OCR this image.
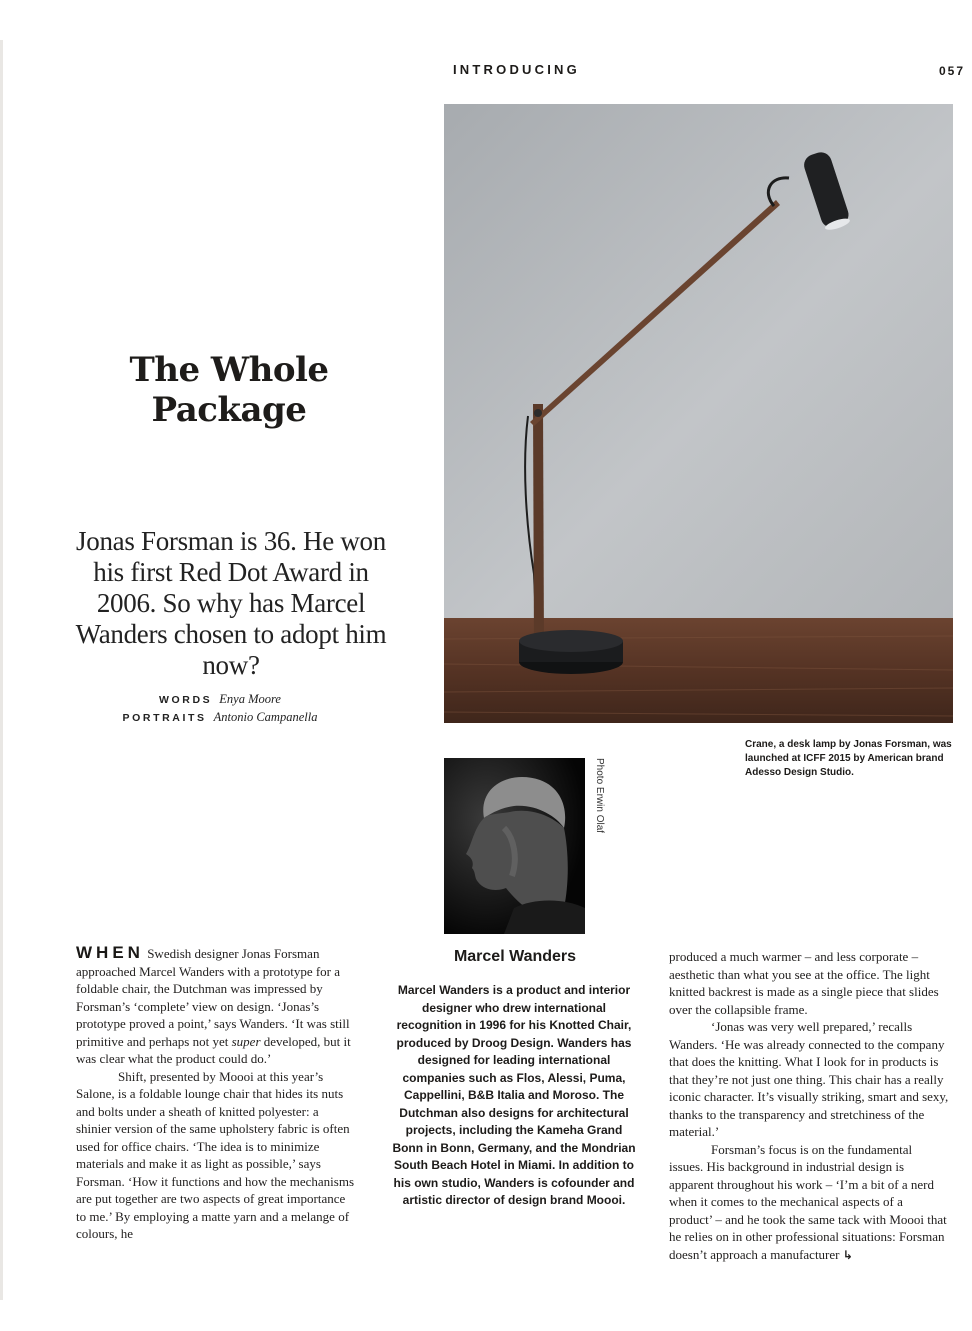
INTRODUCING	057
The Whole
Package
Jonas Forsman is 36. He won his first Red Dot Award in 2006. So why has Marcel Wanders chosen to adopt him now?
WORDS Enya Moore
PORTRAITS Antonio Campanella
Crane, a desk lamp by Jonas Forsman, was launched at ICFF 2015 by American brand Adesso Design Studio.
Photo Erwin Olaf

WHEN Swedish designer Jonas Forsman approached Marcel Wanders with a prototype for a foldable chair, the Dutchman was impressed by Forsman’s ‘complete’ view on design. ‘Jonas’s prototype proved a point,’ says Wanders. ‘It was still primitive and perhaps not yet super developed, but it was clear what the product could do.’

Shift, presented by Moooi at this year’s Salone, is a foldable lounge chair that hides its nuts and bolts under a sheath of knitted polyester: a shinier version of the same upholstery fabric is often used for office chairs. ‘The idea is to minimize materials and make it as light as possible,’ says Forsman. ‘How it functions and how the mechanisms are put together are two aspects of great importance to me.’ By employing a matte yarn and a melange of colours, he

Marcel Wanders
Marcel Wanders is a product and interior designer who drew international recognition in 1996 for his Knotted Chair, produced by Droog Design. Wanders has designed for leading international companies such as Flos, Alessi, Puma, Cappellini, B&B Italia and Moroso. The Dutchman also designs for architectural projects, including the Kameha Grand Bonn in Bonn, Germany, and the Mondrian South Beach Hotel in Miami. In addition to his own studio, Wanders is cofounder and artistic director of design brand Moooi.

produced a much warmer – and less corporate – aesthetic than what you see at the office. The light knitted backrest is made as a single piece that slides over the collapsible frame.

‘Jonas was very well prepared,’ recalls Wanders. ‘He was already connected to the company that does the knitting. What I look for in products is that they’re not just one thing. This chair has a really iconic character. It’s visually striking, smart and sexy, thanks to the transparency and stretchiness of the material.’

Forsman’s focus is on the fundamental issues. His background in industrial design is apparent throughout his work – ‘I’m a bit of a nerd when it comes to the mechanical aspects of a product’ – and he took the same tack with Moooi that he relies on in other professional situations: Forsman doesn’t approach a manufacturer ↳
